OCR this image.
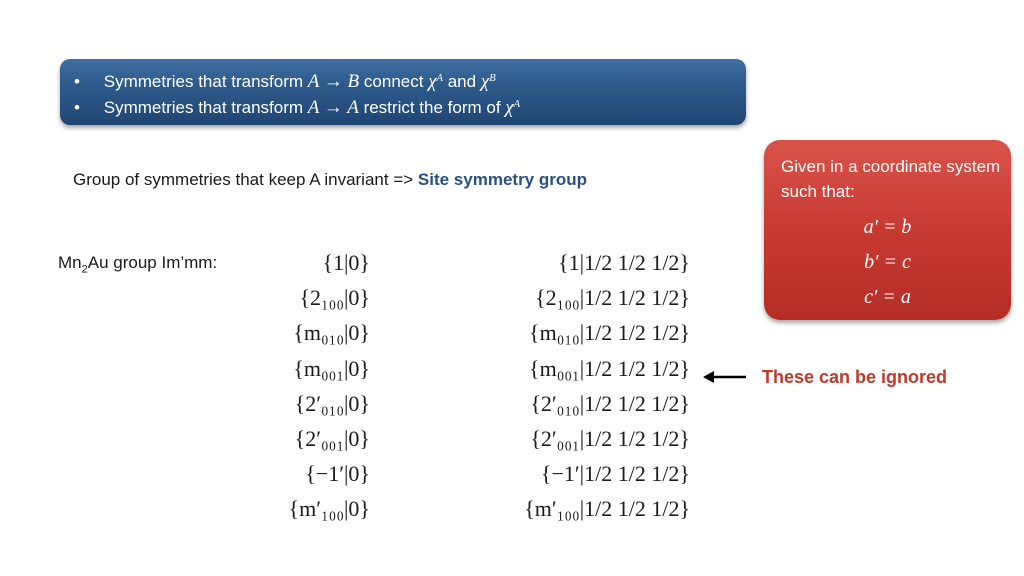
• Symmetries that transform A → B connect $\chi^A$ and $\chi^B$
• Symmetries that transform A → A restrict the form of $\chi^A$
Group of symmetries that keep A invariant => Site symmetry group
Given in a coordinate system such that:
a′ = b
b′ = c
c′ = a
$Mn_2Au$ group Im’mm:	{1|0}
{2₁₀₀|0}
{m₀₁₀|0}
{m₀₀₁|0}
{2′₀₁₀|0}
{2′₀₀₁|0}
{−1′|0}
{m′₁₀₀|0}
{1|1/2 1/2 1/2}
{2₁₀₀|1/2 1/2 1/2}
{m₀₁₀|1/2 1/2 1/2}
{m₀₀₁|1/2 1/2 1/2}
{2′₀₁₀|1/2 1/2 1/2}
{2′₀₀₁|1/2 1/2 1/2}
{−1′|1/2 1/2 1/2}
{m′₁₀₀|1/2 1/2 1/2}
These can be ignored
